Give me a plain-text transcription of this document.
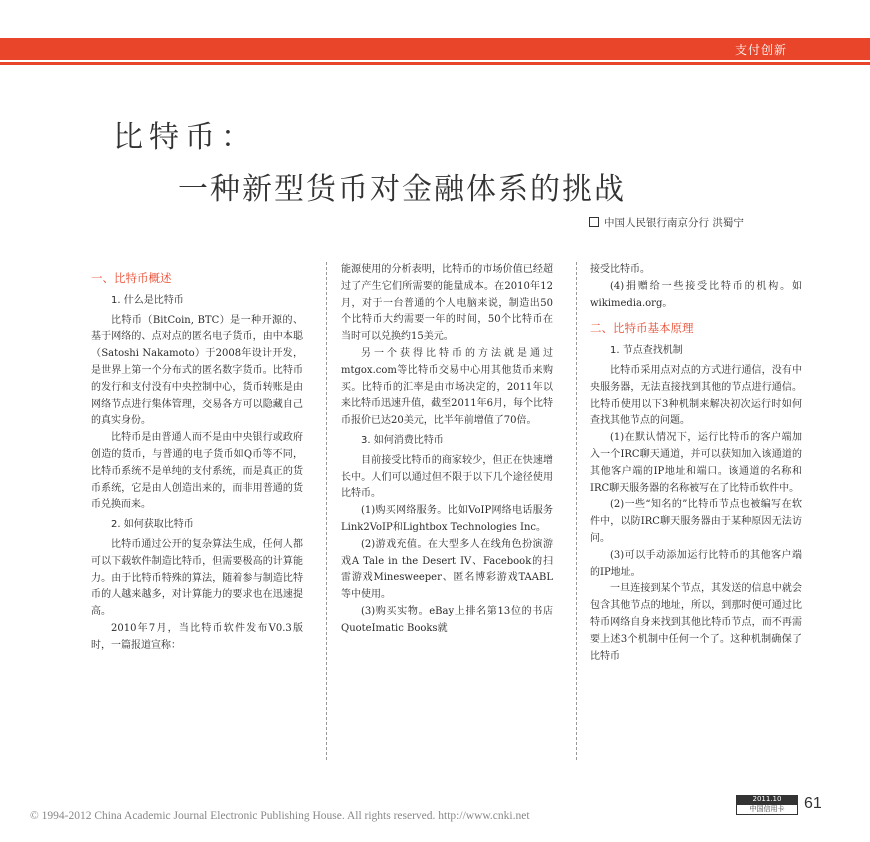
Payment Innovation
支付创新
比特币：
一种新型货币对金融体系的挑战
中国人民银行南京分行 洪蜀宁

一、比特币概述

1. 什么是比特币

比特币（BitCoin, BTC）是一种开源的、基于网络的、点对点的匿名电子货币，由中本聪（Satoshi Nakamoto）于2008年设计开发，是世界上第一个分布式的匿名数字货币。比特币的发行和支付没有中央控制中心，货币转账是由网络节点进行集体管理，交易各方可以隐藏自己的真实身份。

比特币是由普通人而不是由中央银行或政府创造的货币，与普通的电子货币如Q币等不同，比特币系统不是单纯的支付系统，而是真正的货币系统，它是由人创造出来的，而非用普通的货币兑换而来。

2. 如何获取比特币

比特币通过公开的复杂算法生成，任何人都可以下载软件制造比特币，但需要极高的计算能力。由于比特币特殊的算法，随着参与制造比特币的人越来越多，对计算能力的要求也在迅速提高。

2010年7月，当比特币软件发布V0.3版时，一篇报道宣称：

能源使用的分析表明，比特币的市场价值已经超过了产生它们所需要的能量成本。在2010年12月，对于一台普通的个人电脑来说，制造出50个比特币大约需要一年的时间，50个比特币在当时可以兑换约15美元。

另一个获得比特币的方法就是通过mtgox.com等比特币交易中心用其他货币来购买。比特币的汇率是由市场决定的，2011年以来比特币迅速升值，截至2011年6月，每个比特币报价已达20美元，比半年前增值了70倍。

3. 如何消费比特币

目前接受比特币的商家较少，但正在快速增长中。人们可以通过但不限于以下几个途径使用比特币。

(1)购买网络服务。比如VoIP网络电话服务Link2VoIP和Lightbox Technologies Inc。

(2)游戏充值。在大型多人在线角色扮演游戏A Tale in the Desert IV、Facebook的扫雷游戏Minesweeper、匿名博彩游戏TAABL等中使用。

(3)购买实物。eBay上排名第13位的书店QuoteImatic Books就

接受比特币。

(4)捐赠给一些接受比特币的机构。如wikimedia.org。

二、比特币基本原理

1. 节点查找机制

比特币采用点对点的方式进行通信，没有中央服务器，无法直接找到其他的节点进行通信。比特币使用以下3种机制来解决初次运行时如何查找其他节点的问题。

(1)在默认情况下，运行比特币的客户端加入一个IRC聊天通道，并可以获知加入该通道的其他客户端的IP地址和端口。该通道的名称和IRC聊天服务器的名称被写在了比特币软件中。

(2)一些“知名的”比特币节点也被编写在软件中，以防IRC聊天服务器由于某种原因无法访问。

(3)可以手动添加运行比特币的其他客户端的IP地址。

一旦连接到某个节点，其发送的信息中就会包含其他节点的地址，所以，到那时便可通过比特币网络自身来找到其他比特币节点，而不再需要上述3个机制中任何一个了。这种机制确保了比特币

© 1994-2012 China Academic Journal Electronic Publishing House. All rights reserved. http://www.cnki.net
2011.10
中国信用卡	61
